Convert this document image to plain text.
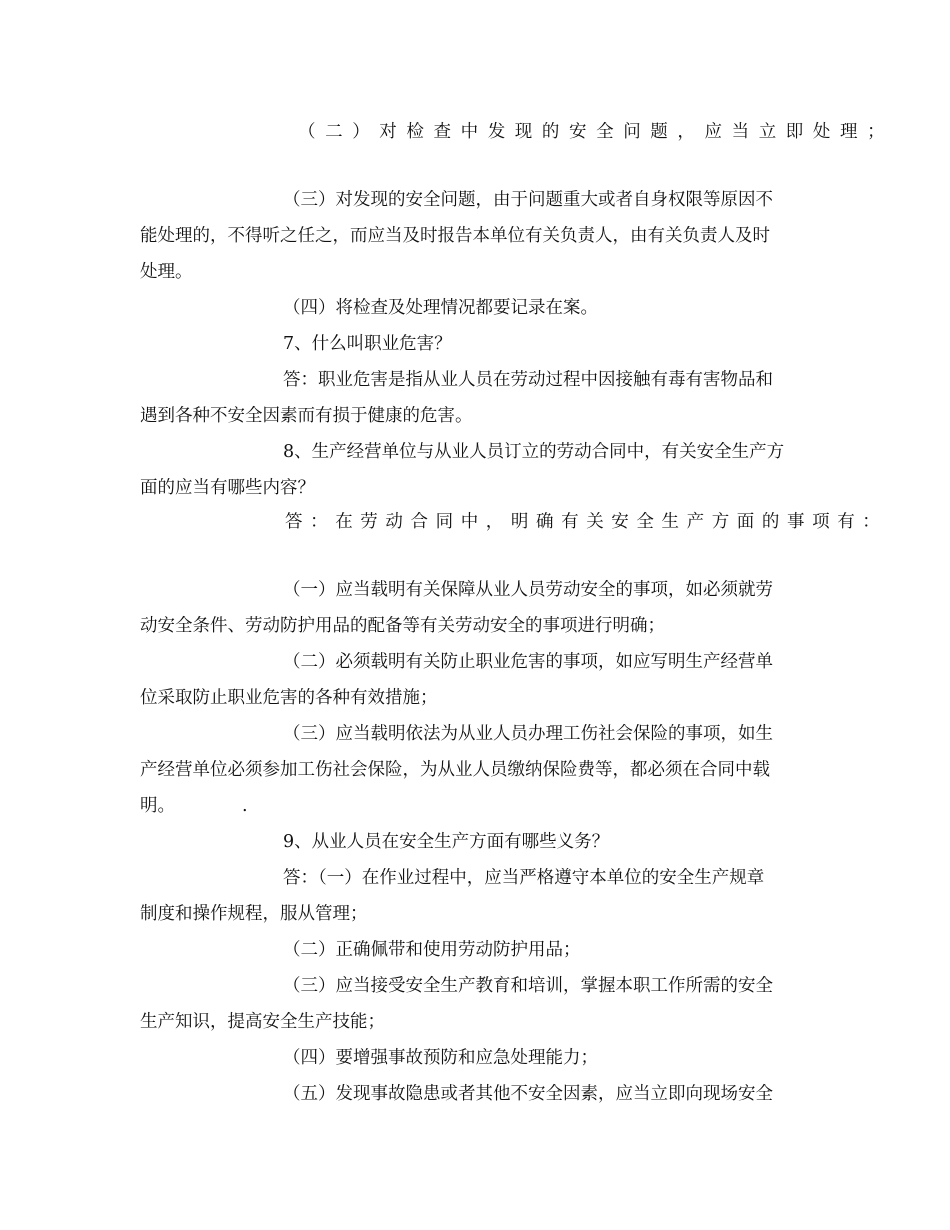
（二）对检查中发现的安全问题，应当立即处理；
（三）对发现的安全问题，由于问题重大或者自身权限等原因不
能处理的，不得听之任之，而应当及时报告本单位有关负责人，由有关负责人及时
处理。
（四）将检查及处理情况都要记录在案。
7、什么叫职业危害？
答：职业危害是指从业人员在劳动过程中因接触有毒有害物品和
遇到各种不安全因素而有损于健康的危害。
8、生产经营单位与从业人员订立的劳动合同中，有关安全生产方
面的应当有哪些内容？
答：在劳动合同中，明确有关安全生产方面的事项有：
（一）应当载明有关保障从业人员劳动安全的事项，如必须就劳
动安全条件、劳动防护用品的配备等有关劳动安全的事项进行明确；
（二）必须载明有关防止职业危害的事项，如应写明生产经营单
位采取防止职业危害的各种有效措施；
（三）应当载明依法为从业人员办理工伤社会保险的事项，如生
产经营单位必须参加工伤社会保险，为从业人员缴纳保险费等，都必须在合同中载
明。	.
9、从业人员在安全生产方面有哪些义务？
答：（一）在作业过程中，应当严格遵守本单位的安全生产规章
制度和操作规程，服从管理；
（二）正确佩带和使用劳动防护用品；
（三）应当接受安全生产教育和培训，掌握本职工作所需的安全
生产知识，提高安全生产技能；
（四）要增强事故预防和应急处理能力；
（五）发现事故隐患或者其他不安全因素，应当立即向现场安全
